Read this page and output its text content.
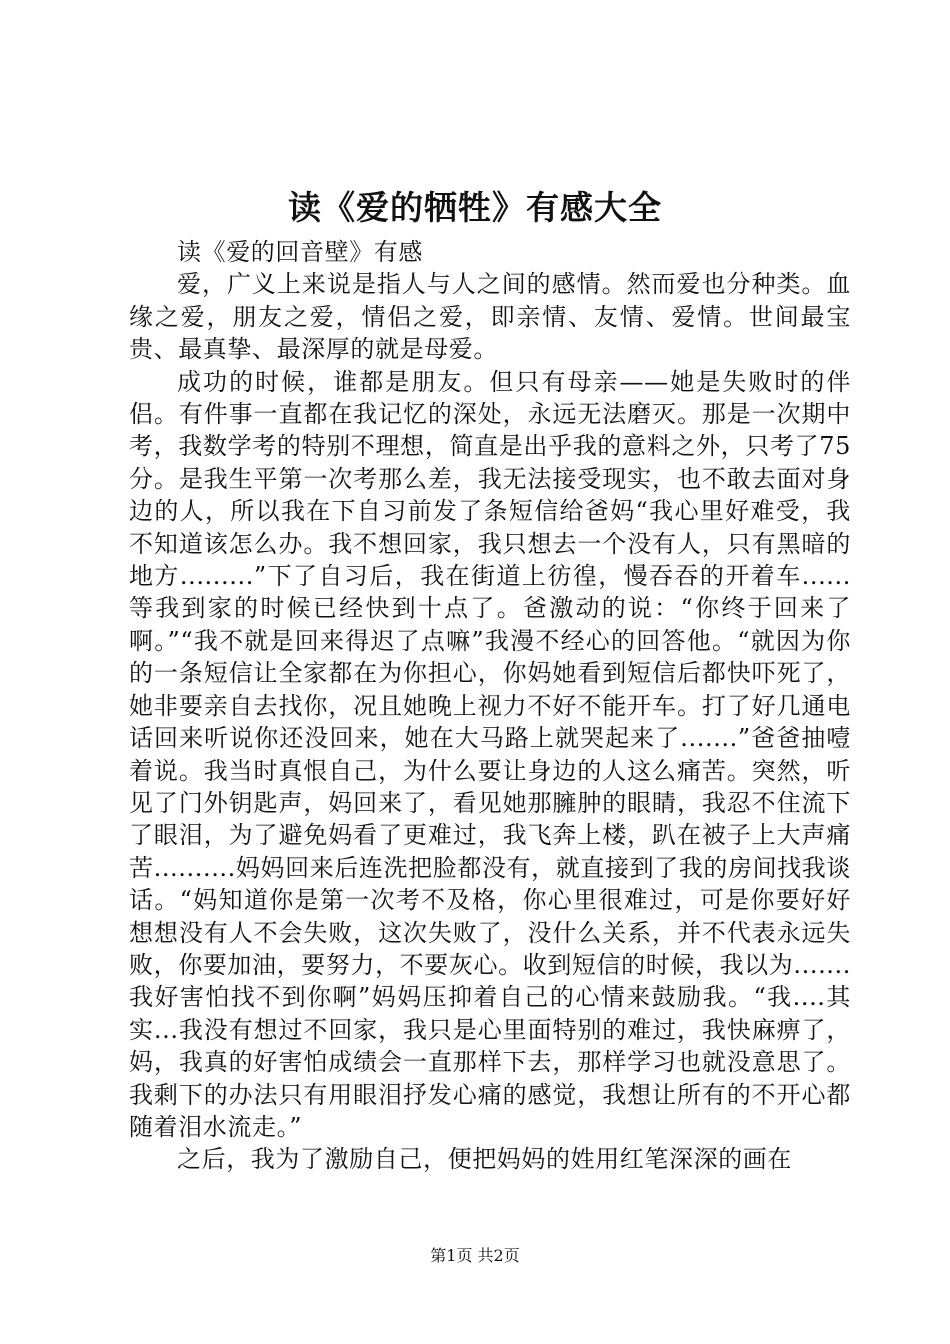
读《爱的牺牲》有感大全

读《爱的回音壁》有感

爱，广义上来说是指人与人之间的感情。然而爱也分种类。血缘之爱，朋友之爱，情侣之爱，即亲情、友情、爱情。世间最宝贵、最真挚、最深厚的就是母爱。

成功的时候，谁都是朋友。但只有母亲——她是失败时的伴侣。有件事一直都在我记忆的深处，永远无法磨灭。那是一次期中考，我数学考的特别不理想，简直是出乎我的意料之外，只考了75分。是我生平第一次考那么差，我无法接受现实，也不敢去面对身边的人，所以我在下自习前发了条短信给爸妈“我心里好难受，我不知道该怎么办。我不想回家，我只想去一个没有人，只有黑暗的地方.........”下了自习后，我在街道上彷徨，慢吞吞的开着车......等我到家的时候已经快到十点了。爸激动的说：“你终于回来了啊。”“我不就是回来得迟了点嘛”我漫不经心的回答他。“就因为你的一条短信让全家都在为你担心，你妈她看到短信后都快吓死了，她非要亲自去找你，况且她晚上视力不好不能开车。打了好几通电话回来听说你还没回来，她在大马路上就哭起来了.......”爸爸抽噎着说。我当时真恨自己，为什么要让身边的人这么痛苦。突然，听见了门外钥匙声，妈回来了，看见她那臃肿的眼睛，我忍不住流下了眼泪，为了避免妈看了更难过，我飞奔上楼，趴在被子上大声痛苦..........妈妈回来后连洗把脸都没有，就直接到了我的房间找我谈话。“妈知道你是第一次考不及格，你心里很难过，可是你要好好想想没有人不会失败，这次失败了，没什么关系，并不代表永远失败，你要加油，要努力，不要灰心。收到短信的时候，我以为.......我好害怕找不到你啊”妈妈压抑着自己的心情来鼓励我。“我....其实...我没有想过不回家，我只是心里面特别的难过，我快麻痹了，妈，我真的好害怕成绩会一直那样下去，那样学习也就没意思了。我剩下的办法只有用眼泪抒发心痛的感觉，我想让所有的不开心都随着泪水流走。”

之后，我为了激励自己，便把妈妈的姓用红笔深深的画在

第1页 共2页
